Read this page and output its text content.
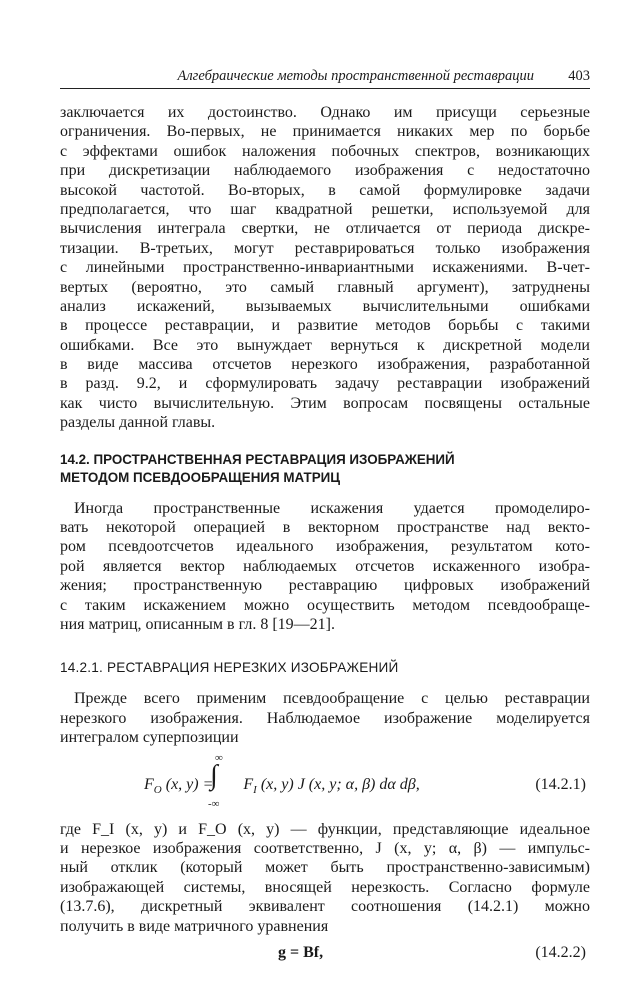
Алгебраические методы пространственной реставрации 403
заключается их достоинство. Однако им присущи серьезные
ограничения. Во-первых, не принимается никаких мер по борьбе
с эффектами ошибок наложения побочных спектров, возникающих
при дискретизации наблюдаемого изображения с недостаточно
высокой частотой. Во-вторых, в самой формулировке задачи
предполагается, что шаг квадратной решетки, используемой для
вычисления интеграла свертки, не отличается от периода дискре-
тизации. В-третьих, могут реставрироваться только изображения
с линейными пространственно-инвариантными искажениями. В-чет-
вертых (вероятно, это самый главный аргумент), затруднены
анализ искажений, вызываемых вычислительными ошибками
в процессе реставрации, и развитие методов борьбы с такими
ошибками. Все это вынуждает вернуться к дискретной модели
в виде массива отсчетов нерезкого изображения, разработанной
в разд. 9.2, и сформулировать задачу реставрации изображений
как чисто вычислительную. Этим вопросам посвящены остальные
разделы данной главы.
14.2. ПРОСТРАНСТВЕННАЯ РЕСТАВРАЦИЯ ИЗОБРАЖЕНИЙ
МЕТОДОМ ПСЕВДООБРАЩЕНИЯ МАТРИЦ
Иногда пространственные искажения удается промоделиро-
вать некоторой операцией в векторном пространстве над векто-
ром псевдоотсчетов идеального изображения, результатом кото-
рой является вектор наблюдаемых отсчетов искаженного изобра-
жения; пространственную реставрацию цифровых изображений
с таким искажением можно осуществить методом псевдообраще-
ния матриц, описанным в гл. 8 [19—21].
14.2.1. РЕСТАВРАЦИЯ НЕРЕЗКИХ ИЗОБРАЖЕНИЙ
Прежде всего применим псевдообращение с целью реставрации
нерезкого изображения. Наблюдаемое изображение моделируется
интегралом суперпозиции
∞
∫
-∞
$F_O$ (x, $y) = F_I$ (x, y) J (x, y; α, β) dα dβ,	(14.2.1)
где F_I (x, y) и F_O (x, y) — функции, представляющие идеальное
и нерезкое изображения соответственно, J (x, y; α, β) — импульс-
ный отклик (который может быть пространственно-зависимым)
изображающей системы, вносящей нерезкость. Согласно формуле
(13.7.6), дискретный эквивалент соотношения (14.2.1) можно
получить в виде матричного уравнения
g = Bf,	(14.2.2)
